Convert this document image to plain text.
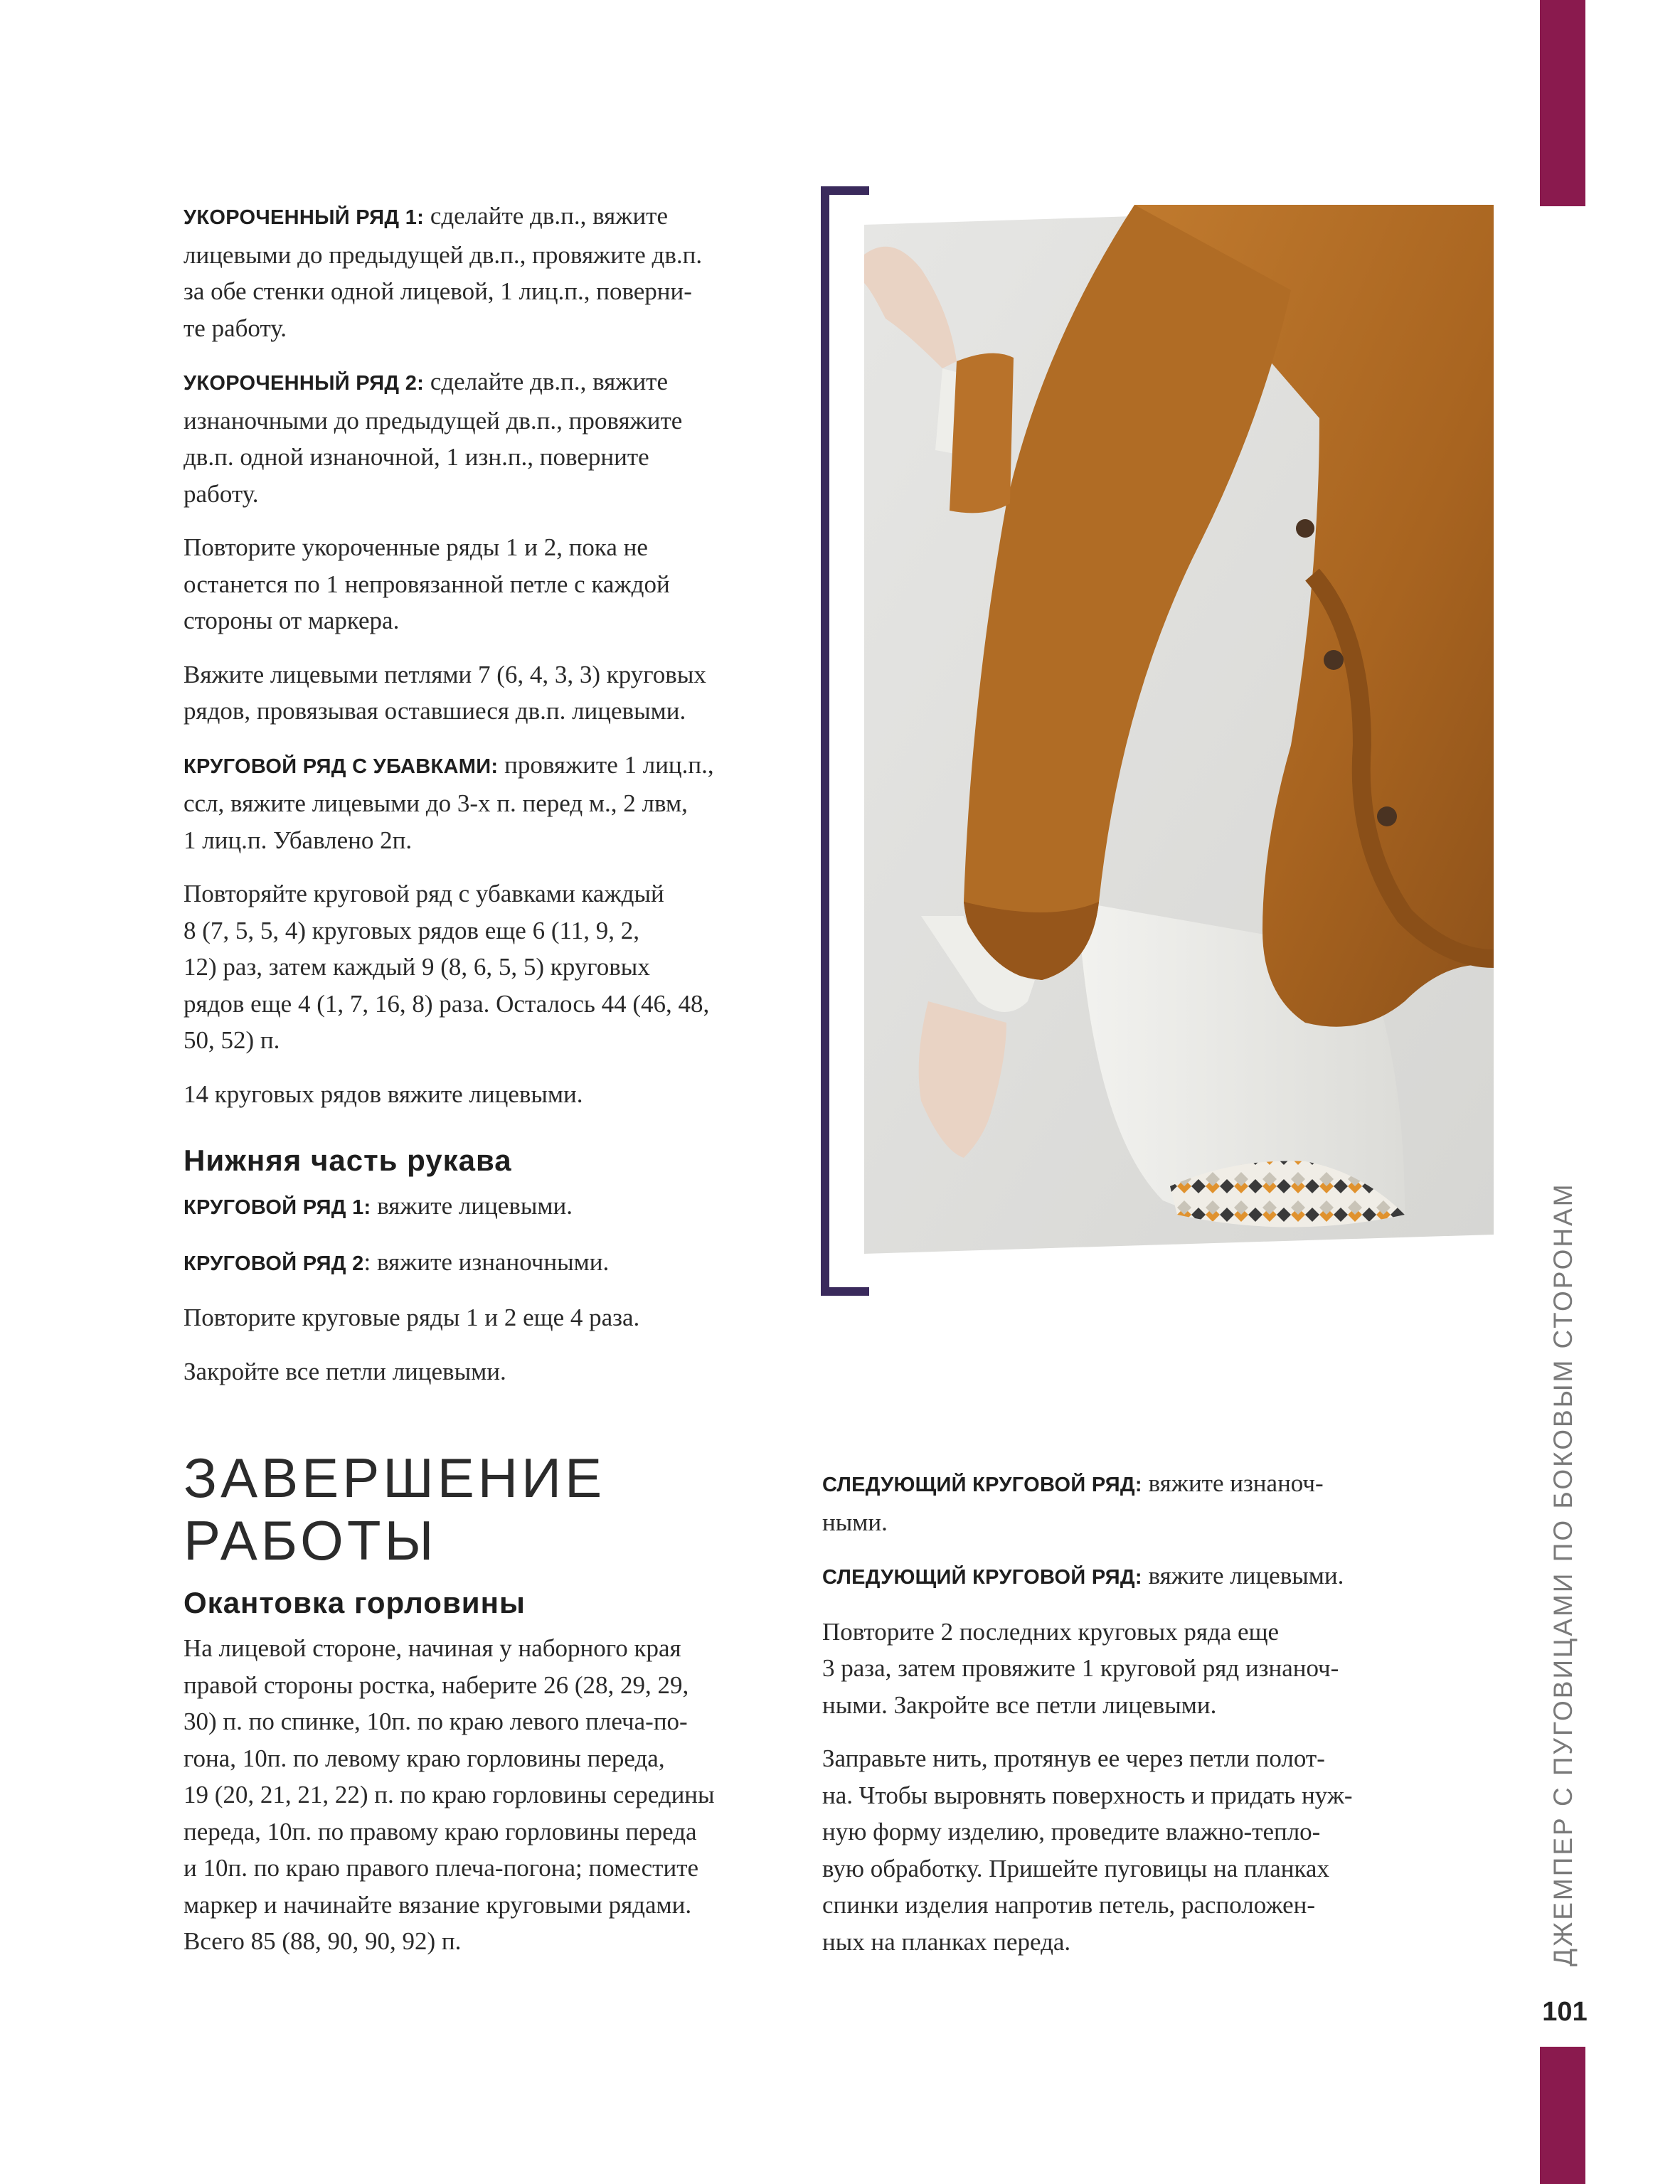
ДЖЕМПЕР С ПУГОВИЦАМИ ПО БОКОВЫМ СТОРОНАМ
101

УКОРОЧЕННЫЙ РЯД 1: сделайте дв.п., вяжите
лицевыми до предыдущей дв.п., провяжите дв.п.
за обе стенки одной лицевой, 1 лиц.п., поверни-
те работу.

УКОРОЧЕННЫЙ РЯД 2: сделайте дв.п., вяжите
изнаночными до предыдущей дв.п., провяжите
дв.п. одной изнаночной, 1 изн.п., поверните
работу.

Повторите укороченные ряды 1 и 2, пока не
останется по 1 непровязанной петле с каждой
стороны от маркера.

Вяжите лицевыми петлями 7 (6, 4, 3, 3) круговых
рядов, провязывая оставшиеся дв.п. лицевыми.

КРУГОВОЙ РЯД С УБАВКАМИ: провяжите 1 лиц.п.,
ссл, вяжите лицевыми до 3-х п. перед м., 2 лвм,
1 лиц.п. Убавлено 2п.

Повторяйте круговой ряд с убавками каждый
8 (7, 5, 5, 4) круговых рядов еще 6 (11, 9, 2,
12) раз, затем каждый 9 (8, 6, 5, 5) круговых
рядов еще 4 (1, 7, 16, 8) раза. Осталось 44 (46, 48,
50, 52) п.

14 круговых рядов вяжите лицевыми.

Нижняя часть рукава

КРУГОВОЙ РЯД 1: вяжите лицевыми.

КРУГОВОЙ РЯД 2: вяжите изнаночными.

Повторите круговые ряды 1 и 2 еще 4 раза.

Закройте все петли лицевыми.

ЗАВЕРШЕНИЕ
РАБОТЫ
Окантовка горловины

На лицевой стороне, начиная у наборного края
правой стороны ростка, наберите 26 (28, 29, 29,
30) п. по спинке, 10п. по краю левого плеча-по-
гона, 10п. по левому краю горловины переда,
19 (20, 21, 21, 22) п. по краю горловины середины
переда, 10п. по правому краю горловины переда
и 10п. по краю правого плеча-погона; поместите
маркер и начинайте вязание круговыми рядами.
Всего 85 (88, 90, 90, 92) п.

СЛЕДУЮЩИЙ КРУГОВОЙ РЯД: вяжите изнаноч-
ными.

СЛЕДУЮЩИЙ КРУГОВОЙ РЯД: вяжите лицевыми.

Повторите 2 последних круговых ряда еще
3 раза, затем провяжите 1 круговой ряд изнаноч-
ными. Закройте все петли лицевыми.

Заправьте нить, протянув ее через петли полот-
на. Чтобы выровнять поверхность и придать нуж-
ную форму изделию, проведите влажно-тепло-
вую обработку. Пришейте пуговицы на планках
спинки изделия напротив петель, расположен-
ных на планках переда.
